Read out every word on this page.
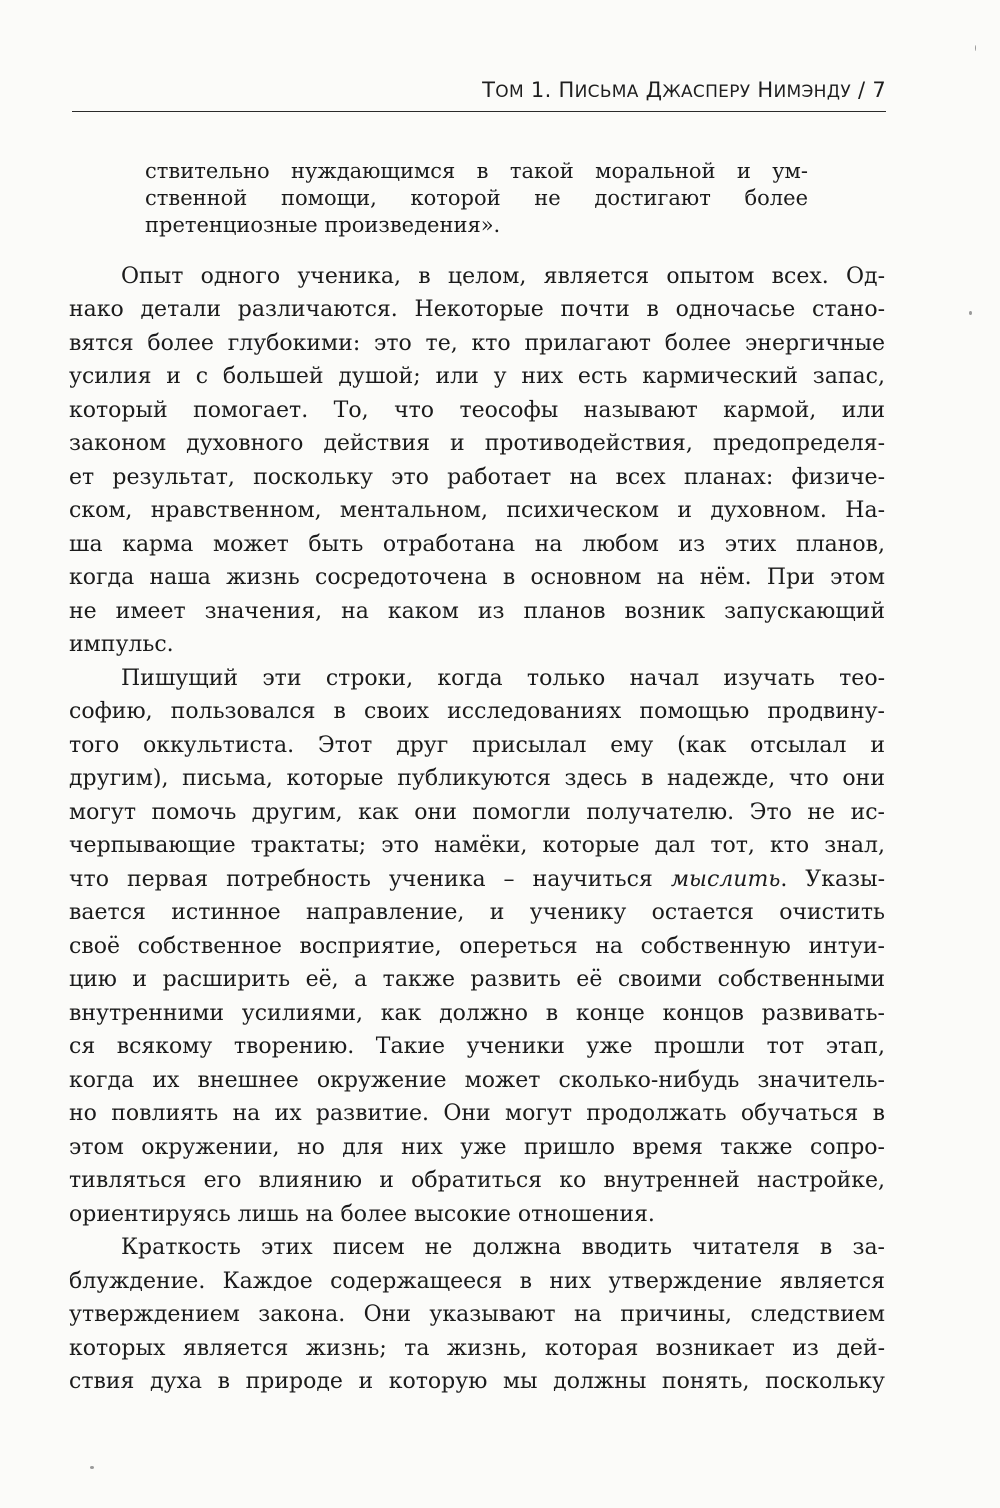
ТОМ 1. ПИСЬМА ДЖАСПЕРУ НИМЭНДУ / 7
ствительно нуждающимся в такой моральной и ум-
ственной помощи, которой не достигают более
претенциозные произведения».
Опыт одного ученика, в целом, является опытом всех. Од-
нако детали различаются. Некоторые почти в одночасье стано-
вятся более глубокими: это те, кто прилагают более энергичные
усилия и с большей душой; или у них есть кармический запас,
который помогает. То, что теософы называют кармой, или
законом духовного действия и противодействия, предопределя-
ет результат, поскольку это работает на всех планах: физиче-
ском, нравственном, ментальном, психическом и духовном. На-
ша карма может быть отработана на любом из этих планов,
когда наша жизнь сосредоточена в основном на нём. При этом
не имеет значения, на каком из планов возник запускающий
импульс.
Пишущий эти строки, когда только начал изучать тео-
софию, пользовался в своих исследованиях помощью продвину-
того оккультиста. Этот друг присылал ему (как отсылал и
другим), письма, которые публикуются здесь в надежде, что они
могут помочь другим, как они помогли получателю. Это не ис-
черпывающие трактаты; это намёки, которые дал тот, кто знал,
что первая потребность ученика – научиться мыслить. Указы-
вается истинное направление, и ученику остается очистить
своё собственное восприятие, опереться на собственную интуи-
цию и расширить её, а также развить её своими собственными
внутренними усилиями, как должно в конце концов развивать-
ся всякому творению. Такие ученики уже прошли тот этап,
когда их внешнее окружение может сколько-нибудь значитель-
но повлиять на их развитие. Они могут продолжать обучаться в
этом окружении, но для них уже пришло время также сопро-
тивляться его влиянию и обратиться ко внутренней настройке,
ориентируясь лишь на более высокие отношения.
Краткость этих писем не должна вводить читателя в за-
блуждение. Каждое содержащееся в них утверждение является
утверждением закона. Они указывают на причины, следствием
которых является жизнь; та жизнь, которая возникает из дей-
ствия духа в природе и которую мы должны понять, поскольку
